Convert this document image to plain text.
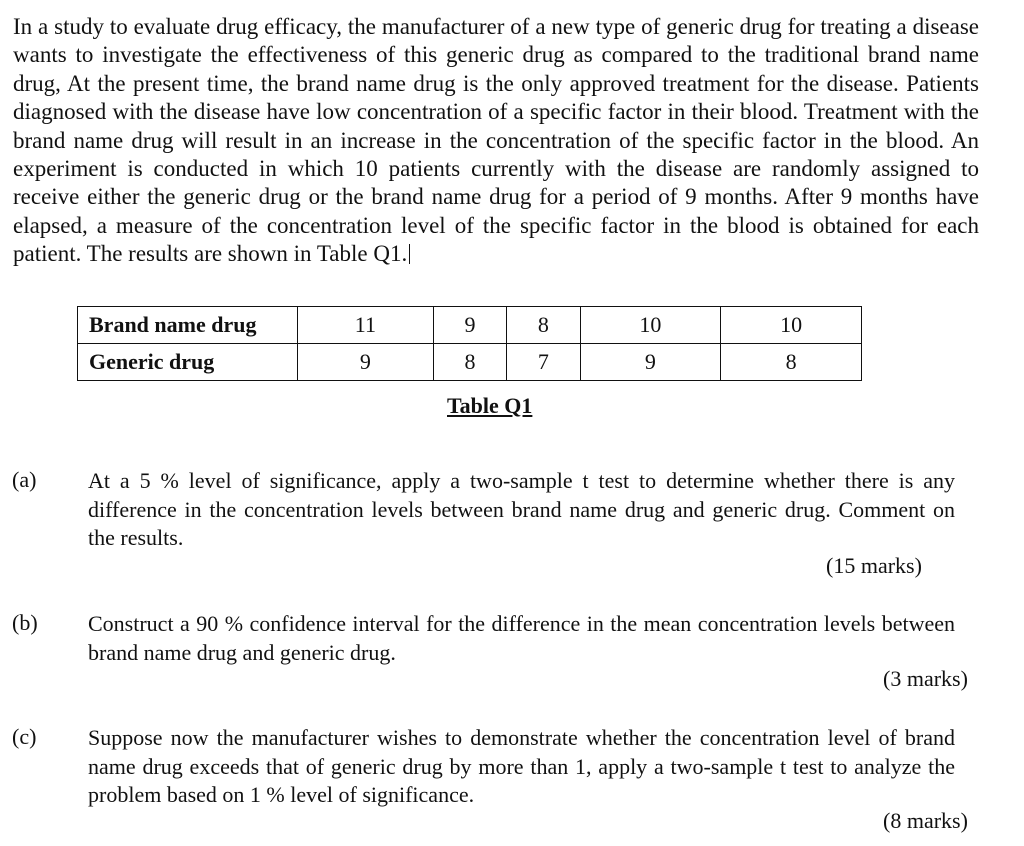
In a study to evaluate drug efficacy, the manufacturer of a new type of generic drug for treating a disease wants to investigate the effectiveness of this generic drug as compared to the traditional brand name drug, At the present time, the brand name drug is the only approved treatment for the disease. Patients diagnosed with the disease have low concentration of a specific factor in their blood. Treatment with the brand name drug will result in an increase in the concentration of the specific factor in the blood. An experiment is conducted in which 10 patients currently with the disease are randomly assigned to receive either the generic drug or the brand name drug for a period of 9 months. After 9 months have elapsed, a measure of the concentration level of the specific factor in the blood is obtained for each patient. The results are shown in Table Q1.
Brand name drug	11	9	8	10	10
Generic drug	9	8	7	9	8
Table Q1
(a) At a 5 % level of significance, apply a two-sample t test to determine whether there is any difference in the concentration levels between brand name drug and generic drug. Comment on the results.
(15 marks)
(b) Construct a 90 % confidence interval for the difference in the mean concentration levels between brand name drug and generic drug.
(3 marks)
(c) Suppose now the manufacturer wishes to demonstrate whether the concentration level of brand name drug exceeds that of generic drug by more than 1, apply a two-sample t test to analyze the problem based on 1 % level of significance.
(8 marks)
